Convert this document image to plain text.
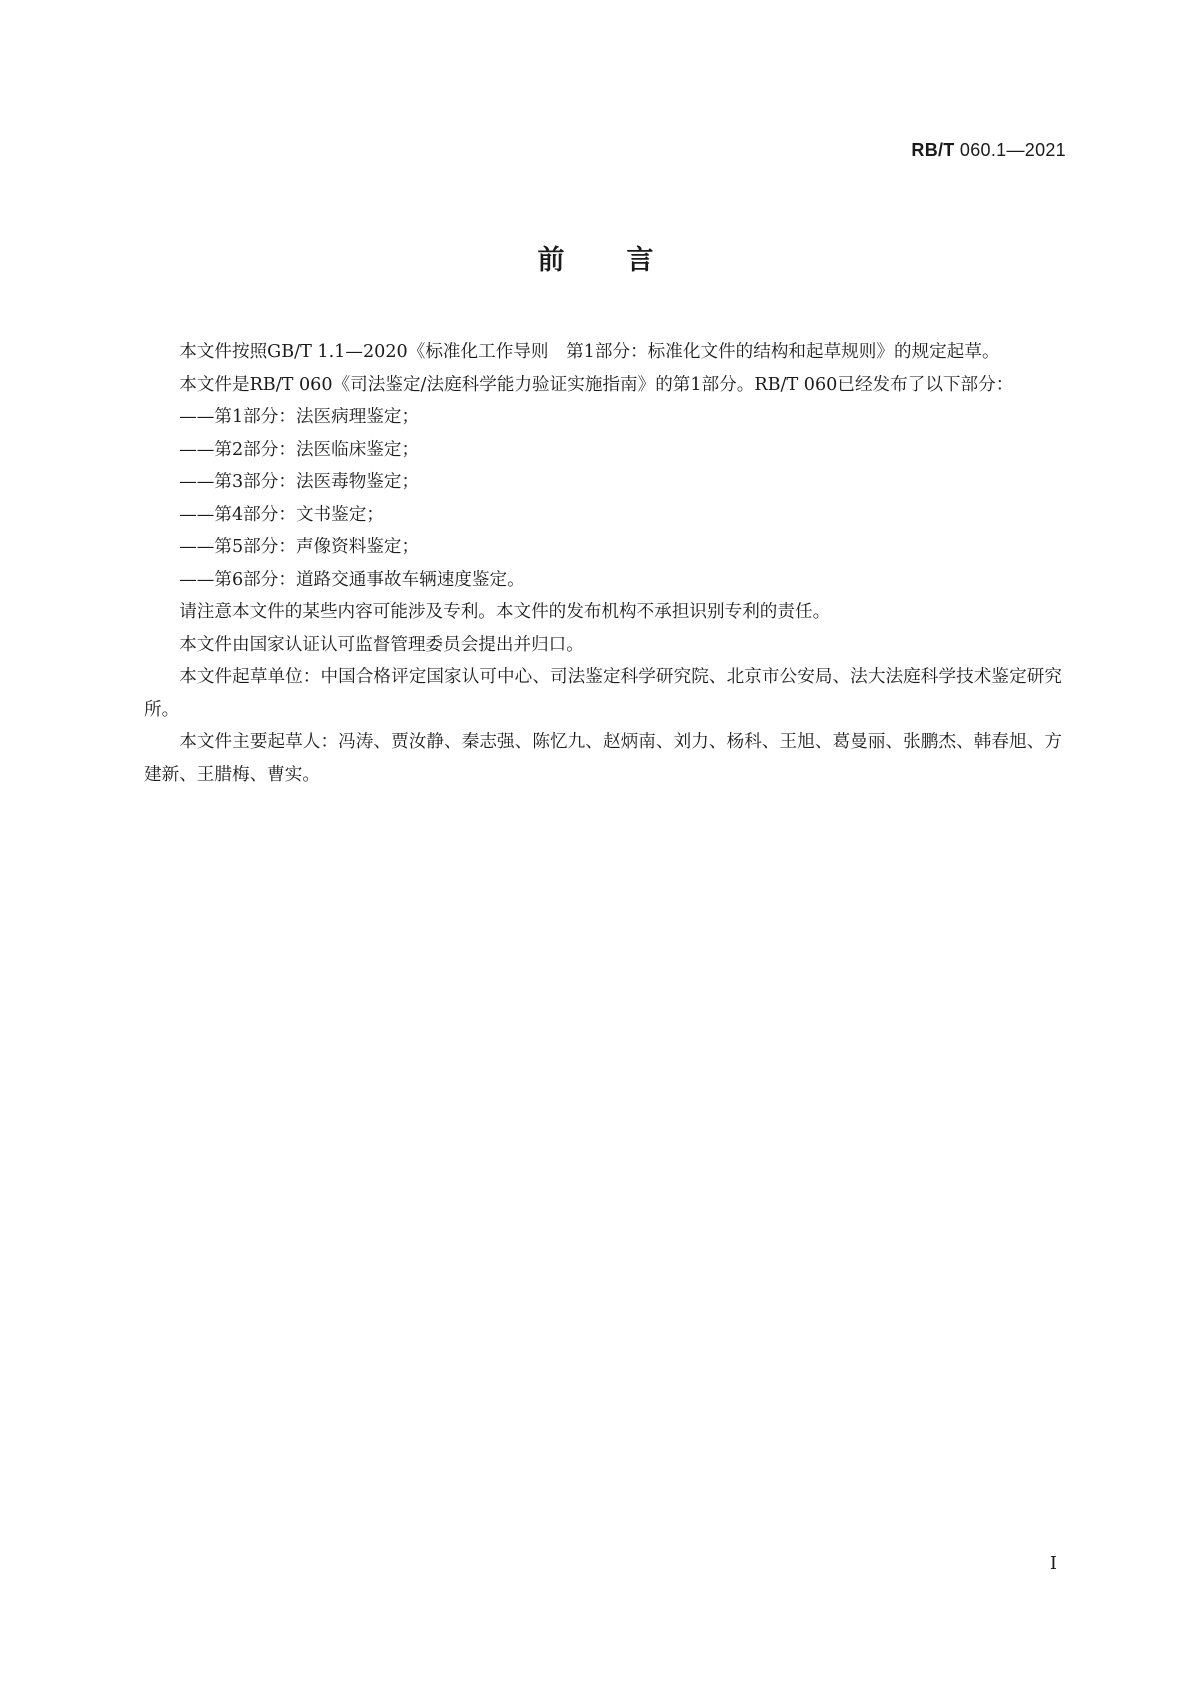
RB/T 060.1—2021
前言

本文件按照GB/T 1.1—2020《标准化工作导则　第1部分：标准化文件的结构和起草规则》的规定起草。

本文件是RB/T 060《司法鉴定/法庭科学能力验证实施指南》的第1部分。RB/T 060已经发布了以下部分：

——第1部分：法医病理鉴定；

——第2部分：法医临床鉴定；

——第3部分：法医毒物鉴定；

——第4部分：文书鉴定；

——第5部分：声像资料鉴定；

——第6部分：道路交通事故车辆速度鉴定。

请注意本文件的某些内容可能涉及专利。本文件的发布机构不承担识别专利的责任。

本文件由国家认证认可监督管理委员会提出并归口。

本文件起草单位：中国合格评定国家认可中心、司法鉴定科学研究院、北京市公安局、法大法庭科学技术鉴定研究所。

本文件主要起草人：冯涛、贾汝静、秦志强、陈忆九、赵炳南、刘力、杨科、王旭、葛曼丽、张鹏杰、韩春旭、方建新、王腊梅、曹实。

I
